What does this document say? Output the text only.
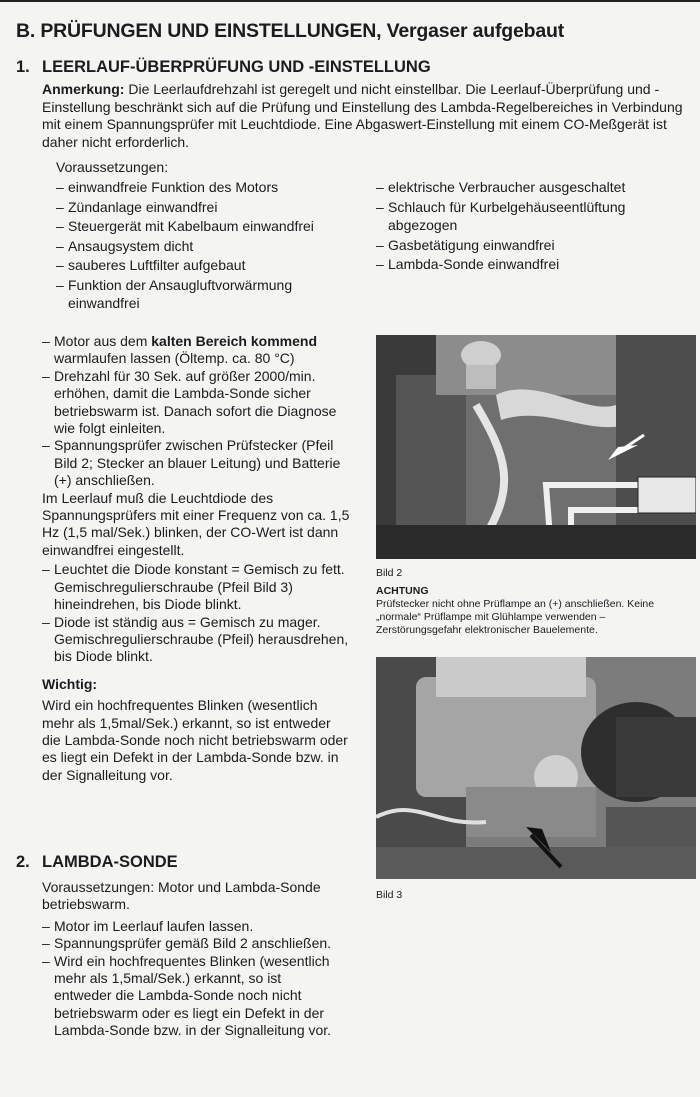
B. PRÜFUNGEN UND EINSTELLUNGEN, Vergaser aufgebaut
1. LEERLAUF-ÜBERPRÜFUNG UND -EINSTELLUNG

Anmerkung: Die Leerlaufdrehzahl ist geregelt und nicht einstellbar. Die Leerlauf-Überprüfung und -Einstellung beschränkt sich auf die Prüfung und Einstellung des Lambda-Regelbereiches in Verbindung mit einem Spannungsprüfer mit Leuchtdiode. Eine Abgaswert-Einstellung mit einem CO-Meßgerät ist daher nicht erforderlich.

Voraussetzungen:
– einwandfreie Funktion des Motors
– Zündanlage einwandfrei
– Steuergerät mit Kabelbaum einwandfrei
– Ansaugsystem dicht
– sauberes Luftfilter aufgebaut
– Funktion der Ansaugluftvorwärmung einwandfrei
– elektrische Verbraucher ausgeschaltet
– Schlauch für Kurbelgehäuseentlüftung abgezogen
– Gasbetätigung einwandfrei
– Lambda-Sonde einwandfrei
– Motor aus dem kalten Bereich kommend warmlaufen lassen (Öltemp. ca. 80 °C)
– Drehzahl für 30 Sek. auf größer 2000/min. erhöhen, damit die Lambda-Sonde sicher betriebswarm ist. Danach sofort die Diagnose wie folgt einleiten.
– Spannungsprüfer zwischen Prüfstecker (Pfeil Bild 2; Stecker an blauer Leitung) und Batterie (+) anschließen.

Im Leerlauf muß die Leuchtdiode des Spannungsprüfers mit einer Frequenz von ca. 1,5 Hz (1,5 mal/Sek.) blinken, der CO-Wert ist dann einwandfrei eingestellt.

– Leuchtet die Diode konstant = Gemisch zu fett.
Gemischregulierschraube (Pfeil Bild 3) hineindrehen, bis Diode blinkt.
– Diode ist ständig aus = Gemisch zu mager.
Gemischregulierschraube (Pfeil) herausdrehen, bis Diode blinkt.

Wichtig:

Wird ein hochfrequentes Blinken (wesentlich mehr als 1,5mal/Sek.) erkannt, so ist entweder die Lambda-Sonde noch nicht betriebswarm oder es liegt ein Defekt in der Lambda-Sonde bzw. in der Signalleitung vor.

2. LAMBDA-SONDE

Voraussetzungen: Motor und Lambda-Sonde betriebswarm.

– Motor im Leerlauf laufen lassen.
– Spannungsprüfer gemäß Bild 2 anschließen.
– Wird ein hochfrequentes Blinken (wesentlich mehr als 1,5mal/Sek.) erkannt, so ist entweder die Lambda-Sonde noch nicht betriebswarm oder es liegt ein Defekt in der Lambda-Sonde bzw. in der Signalleitung vor.
Bild 2
ACHTUNG
Prüfstecker nicht ohne Prüflampe an (+) anschließen. Keine „normale“ Prüflampe mit Glühlampe verwenden – Zerstörungsgefahr elektronischer Bauelemente.
Bild 3
